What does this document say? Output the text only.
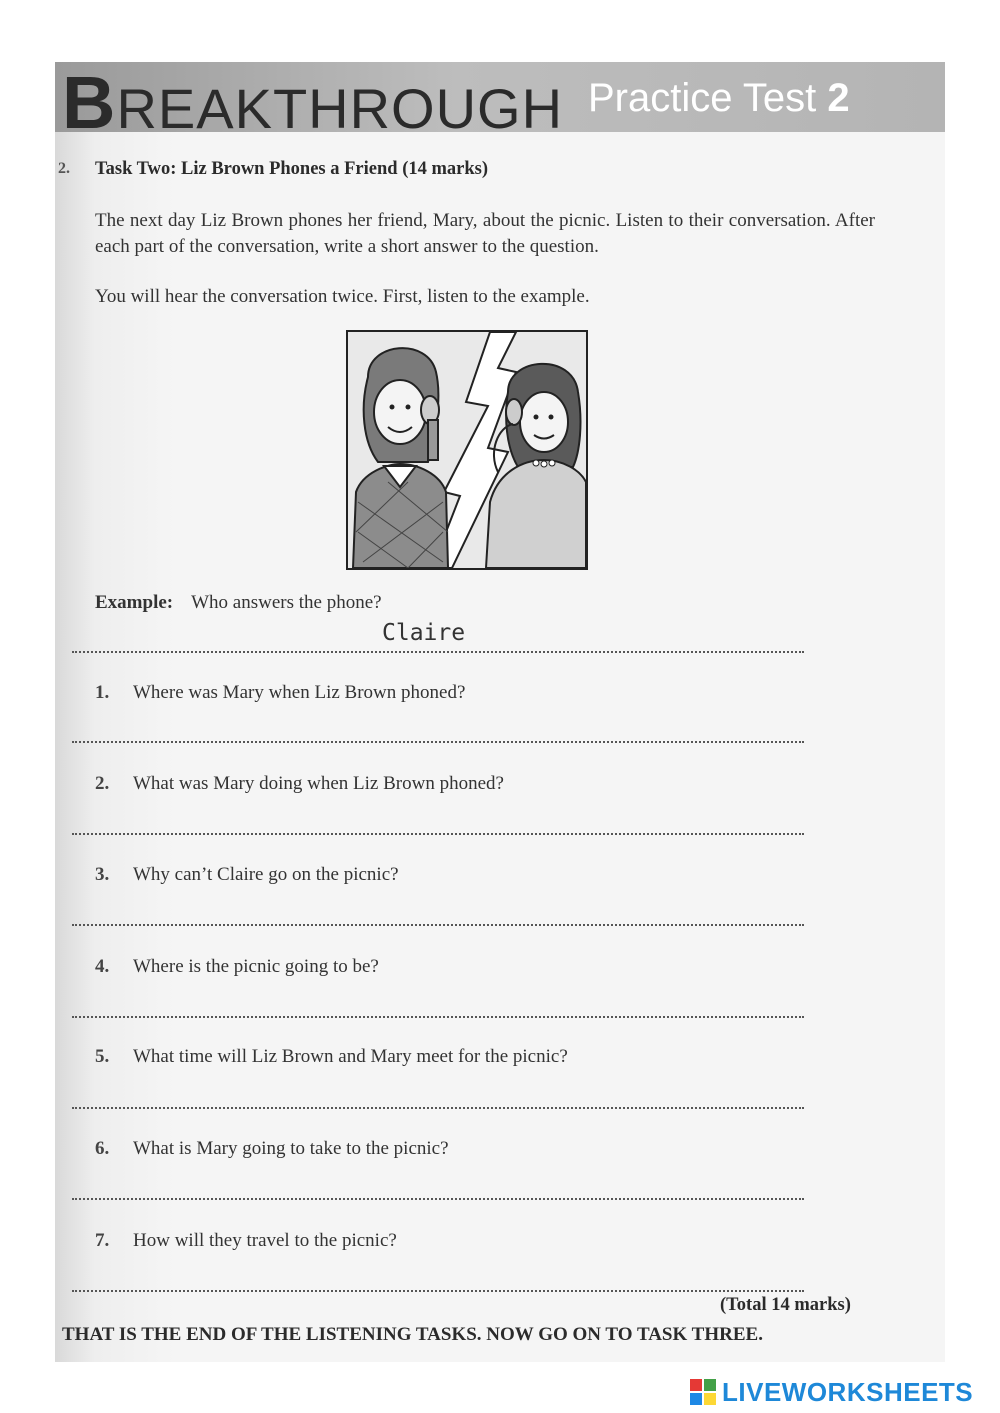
BREAKTHROUGH Practice Test 2
2. Task Two: Liz Brown Phones a Friend (14 marks)
The next day Liz Brown phones her friend, Mary, about the picnic. Listen to their conversation. After each part of the conversation, write a short answer to the question.
You will hear the conversation twice. First, listen to the example.
Example: Who answers the phone?
Claire
1. Where was Mary when Liz Brown phoned?
2. What was Mary doing when Liz Brown phoned?
3. Why can’t Claire go on the picnic?
4. Where is the picnic going to be?
5. What time will Liz Brown and Mary meet for the picnic?
6. What is Mary going to take to the picnic?
7. How will they travel to the picnic?
(Total 14 marks)
THAT IS THE END OF THE LISTENING TASKS. NOW GO ON TO TASK THREE.
LIVEWORKSHEETS
